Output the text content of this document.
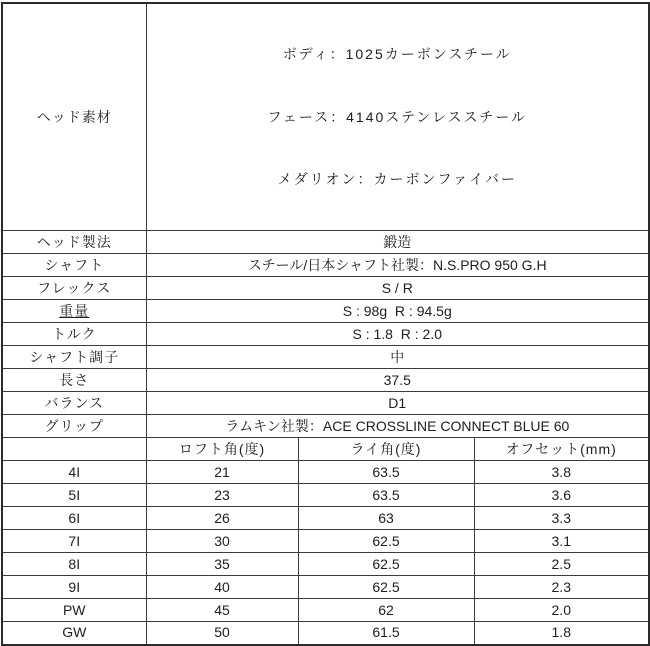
ヘッド素材	ボディ：1025カーボンスチール

フェース：4140ステンレススチール

メダリオン：カーボンファイバー		

ヘッド製法	鍛造		
シャフト	スチール/日本シャフト社製：N.S.PRO 950 G.H		
フレックス	S / R		
重量	S : 98g  R : 94.5g		
トルク	S : 1.8  R : 2.0		
シャフト調子	中		
長さ	37.5		
バランス	D1		
グリップ	ラムキン社製：ACE CROSSLINE CONNECT BLUE 60		
	ロフト角(度)	ライ角(度)	オフセット(mm)
4I	21	63.5	3.8
5I	23	63.5	3.6
6I	26	63	3.3
7I	30	62.5	3.1
8I	35	62.5	2.5
9I	40	62.5	2.3
PW	45	62	2.0
GW	50	61.5	1.8
